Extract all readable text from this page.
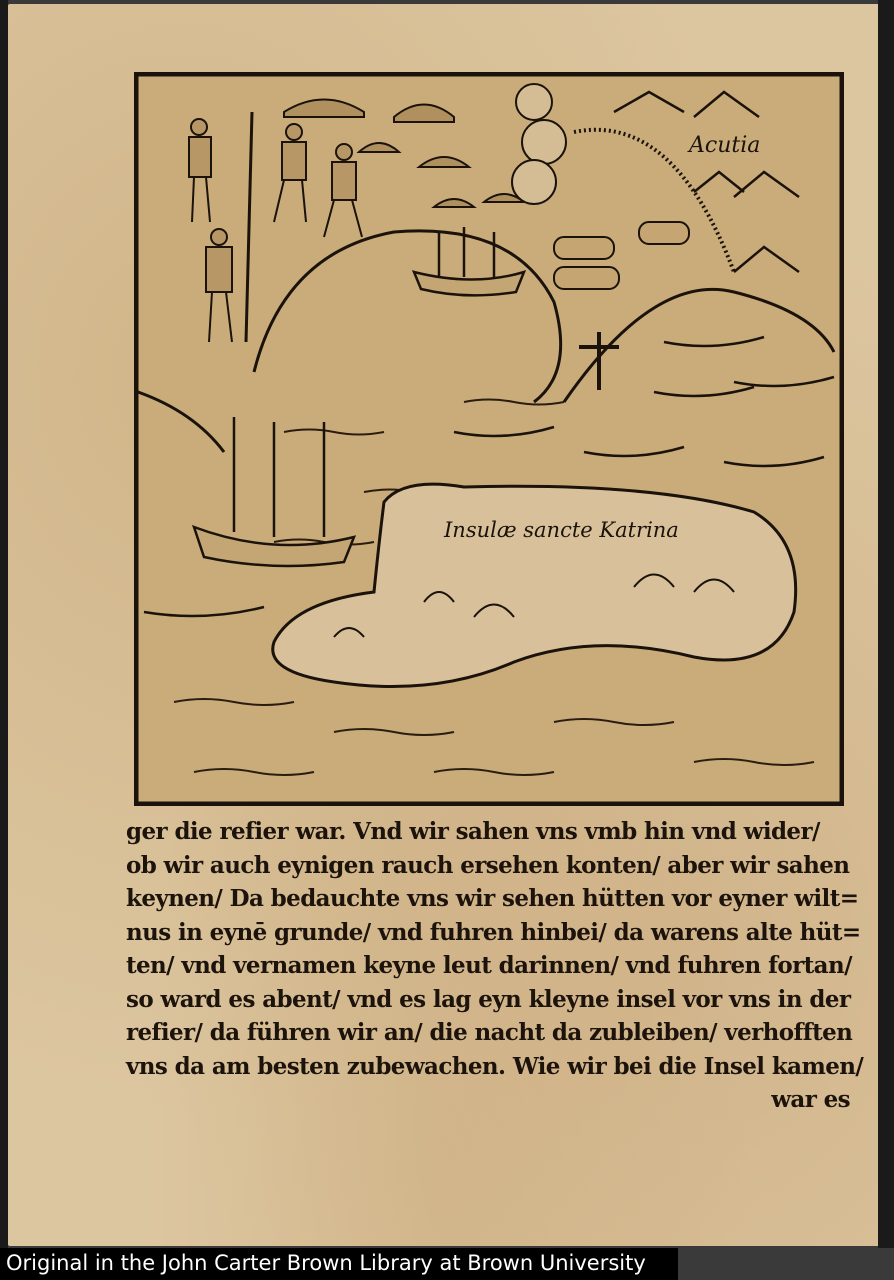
Acutia
Insulæ sancte Katrina
ger die refier war. Vnd wir sahen vns vmb hin vnd wider/
ob wir auch eynigen rauch ersehen konten/ aber wir sahen
keynen/ Da bedauchte vns wir sehen hütten vor eyner wilt=
nus in eynē grunde/ vnd fuhren hinbei/ da warens alte hüt=
ten/ vnd vernamen keyne leut darinnen/ vnd fuhren fortan/
so ward es abent/ vnd es lag eyn kleyne insel vor vns in der
refier/ da führen wir an/ die nacht da zubleiben/ verhofften
vns da am besten zubewachen. Wie wir bei die Insel kamen/
war es
Original in the John Carter Brown Library at Brown University
